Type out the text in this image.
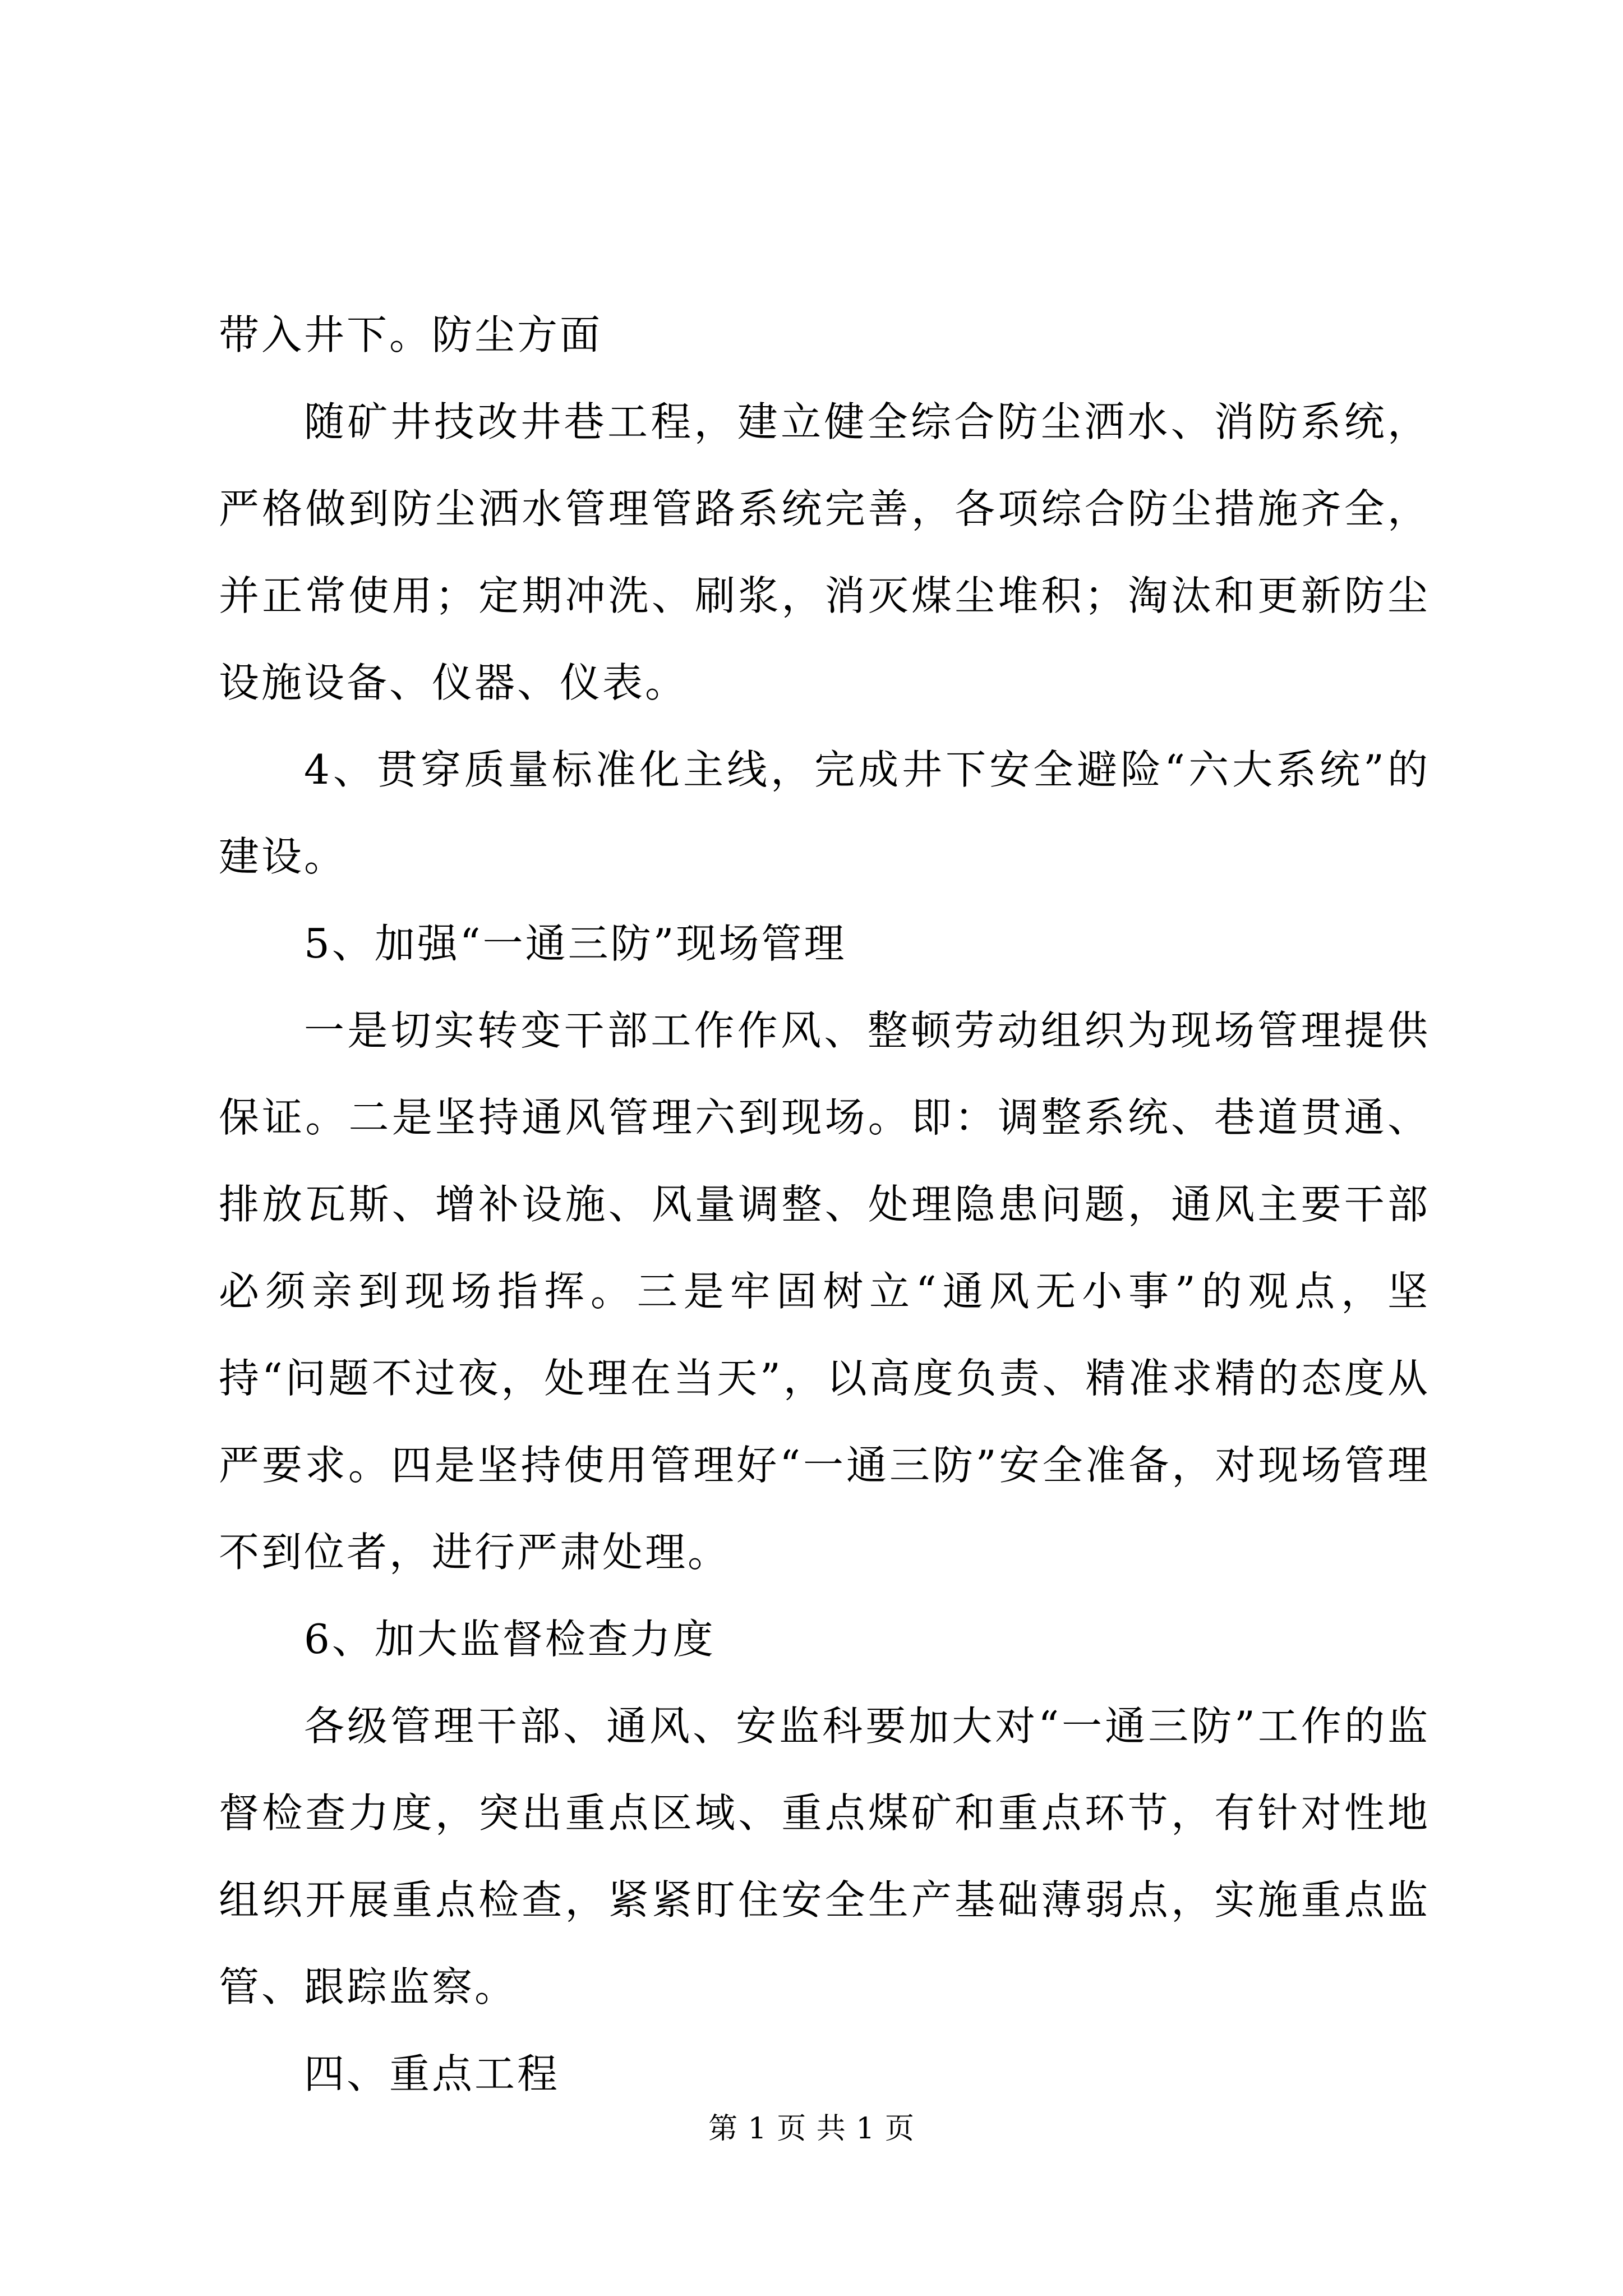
带入井下。防尘方面

随矿井技改井巷工程，建立健全综合防尘洒水、消防系统，严格做到防尘洒水管理管路系统完善，各项综合防尘措施齐全，并正常使用；定期冲洗、刷浆，消灭煤尘堆积；淘汰和更新防尘设施设备、仪器、仪表。

4、贯穿质量标准化主线，完成井下安全避险“六大系统”的建设。

5、加强“一通三防”现场管理

一是切实转变干部工作作风、整顿劳动组织为现场管理提供保证。二是坚持通风管理六到现场。即：调整系统、巷道贯通、排放瓦斯、增补设施、风量调整、处理隐患问题，通风主要干部必须亲到现场指挥。三是牢固树立“通风无小事”的观点，坚持“问题不过夜，处理在当天”，以高度负责、精准求精的态度从严要求。四是坚持使用管理好“一通三防”安全准备，对现场管理不到位者，进行严肃处理。

6、加大监督检查力度

各级管理干部、通风、安监科要加大对“一通三防”工作的监督检查力度，突出重点区域、重点煤矿和重点环节，有针对性地组织开展重点检查，紧紧盯住安全生产基础薄弱点，实施重点监管、跟踪监察。

四、重点工程

第 1 页 共 1 页
